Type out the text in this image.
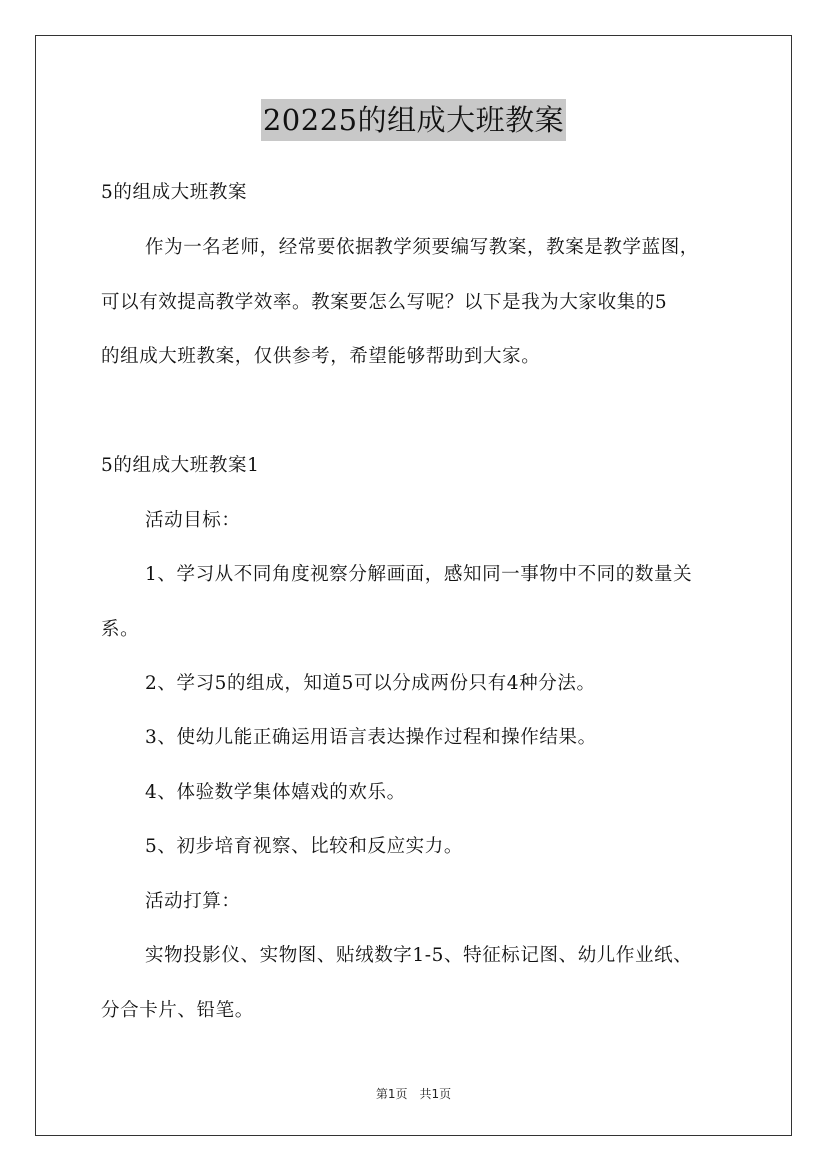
20225的组成大班教案
5的组成大班教案
作为一名老师，经常要依据教学须要编写教案，教案是教学蓝图，
可以有效提高教学效率。教案要怎么写呢？以下是我为大家收集的5
的组成大班教案，仅供参考，希望能够帮助到大家。
5的组成大班教案1
活动目标：
1、学习从不同角度视察分解画面，感知同一事物中不同的数量关
系。
2、学习5的组成，知道5可以分成两份只有4种分法。
3、使幼儿能正确运用语言表达操作过程和操作结果。
4、体验数学集体嬉戏的欢乐。
5、初步培育视察、比较和反应实力。
活动打算：
实物投影仪、实物图、贴绒数字1-5、特征标记图、幼儿作业纸、
分合卡片、铅笔。
第1页　共1页
